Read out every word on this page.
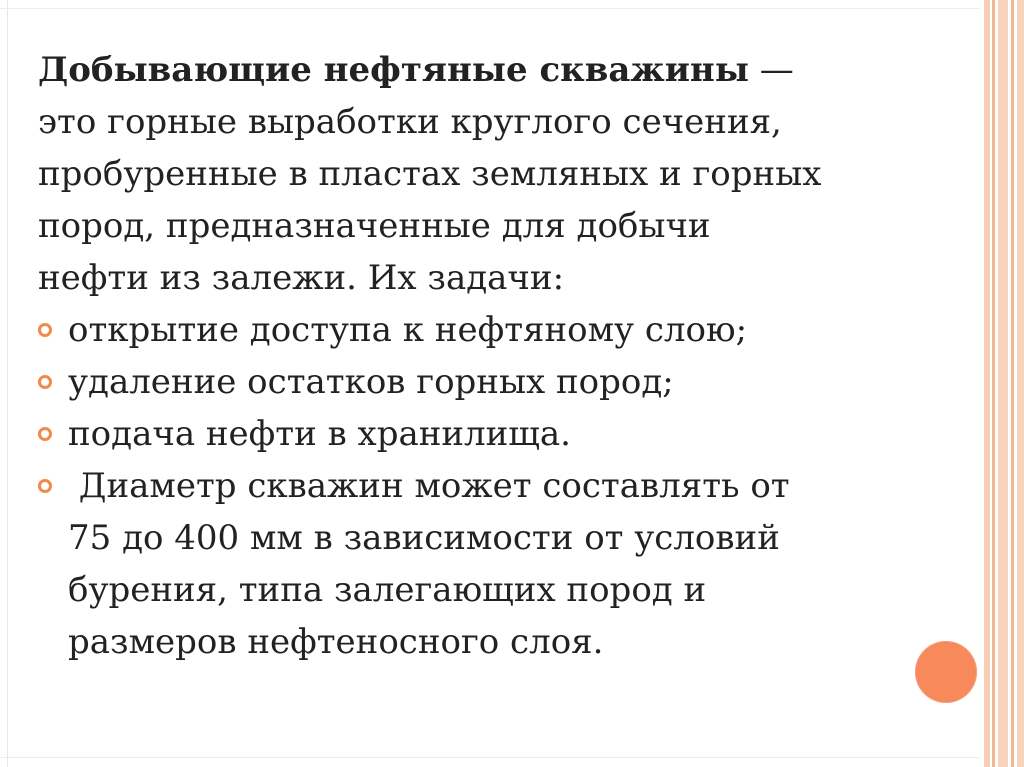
Добывающие нефтяные скважины —
это горные выработки круглого сечения,
пробуренные в пластах земляных и горных
пород, предназначенные для добычи
нефти из залежи. Их задачи:

открытие доступа к нефтяному слою;
удаление остатков горных пород;
подача нефти в хранилища.
Диаметр скважин может составлять от
75 до 400 мм в зависимости от условий
бурения, типа залегающих пород и
размеров нефтеносного слоя.
